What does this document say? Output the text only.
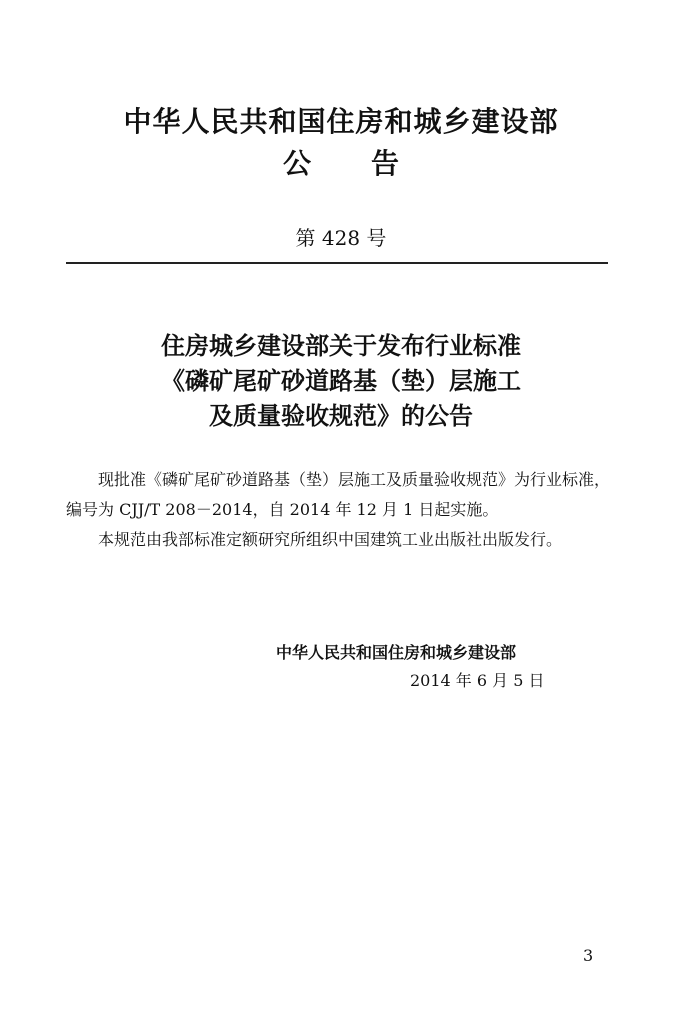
中华人民共和国住房和城乡建设部
公告
第 428 号
住房城乡建设部关于发布行业标准
《磷矿尾矿砂道路基（垫）层施工
及质量验收规范》的公告

现批准《磷矿尾矿砂道路基（垫）层施工及质量验收规范》为行业标准，编号为 CJJ/T 208－2014，自 2014 年 12 月 1 日起实施。

本规范由我部标准定额研究所组织中国建筑工业出版社出版发行。

中华人民共和国住房和城乡建设部
2014 年 6 月 5 日
3
